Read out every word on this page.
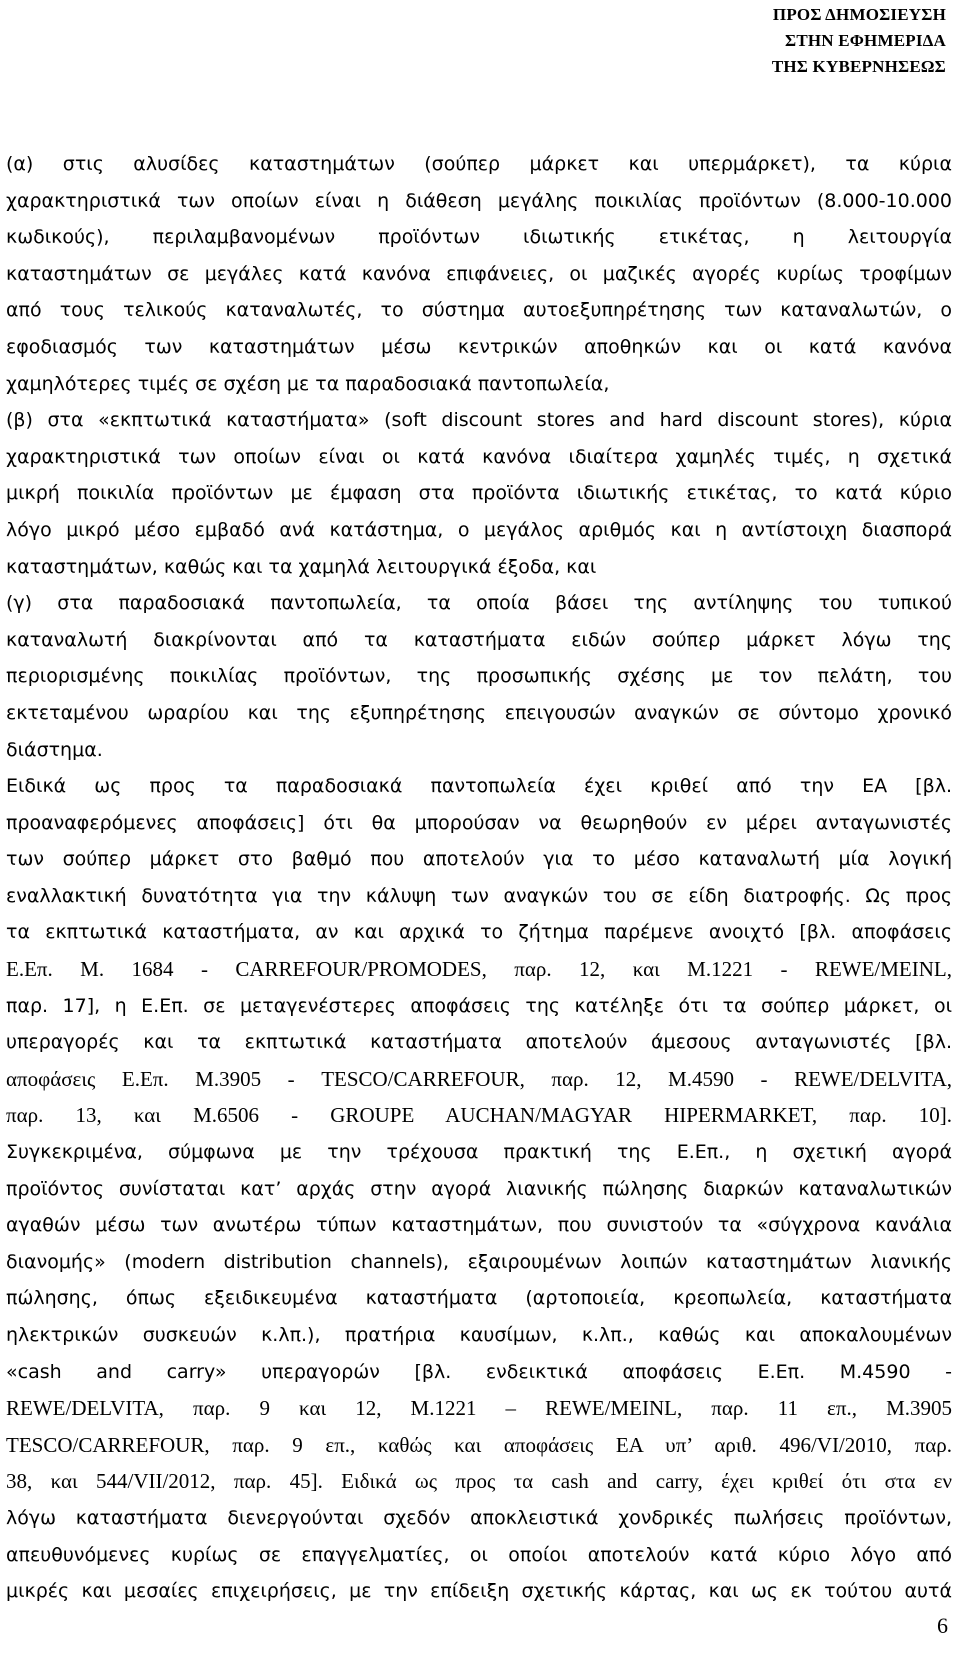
ΠΡΟΣ ΔΗΜΟΣΙΕΥΣΗ
ΣΤΗΝ ΕΦΗΜΕΡΙΔΑ
ΤΗΣ ΚΥΒΕΡΝΗΣΕΩΣ
(α) στις αλυσίδες καταστημάτων (σούπερ μάρκετ και υπερμάρκετ), τα κύρια
χαρακτηριστικά των οποίων είναι η διάθεση μεγάλης ποικιλίας προϊόντων (8.000-10.000
κωδικούς), περιλαμβανομένων προϊόντων ιδιωτικής ετικέτας, η λειτουργία
καταστημάτων σε μεγάλες κατά κανόνα επιφάνειες, οι μαζικές αγορές κυρίως τροφίμων
από τους τελικούς καταναλωτές, το σύστημα αυτοεξυπηρέτησης των καταναλωτών, ο
εφοδιασμός των καταστημάτων μέσω κεντρικών αποθηκών και οι κατά κανόνα
χαμηλότερες τιμές σε σχέση με τα παραδοσιακά παντοπωλεία,
(β) στα «εκπτωτικά καταστήματα» (soft discount stores and hard discount stores), κύρια
χαρακτηριστικά των οποίων είναι οι κατά κανόνα ιδιαίτερα χαμηλές τιμές, η σχετικά
μικρή ποικιλία προϊόντων με έμφαση στα προϊόντα ιδιωτικής ετικέτας, το κατά κύριο
λόγο μικρό μέσο εμβαδό ανά κατάστημα, ο μεγάλος αριθμός και η αντίστοιχη διασπορά
καταστημάτων, καθώς και τα χαμηλά λειτουργικά έξοδα, και
(γ) στα παραδοσιακά παντοπωλεία, τα οποία βάσει της αντίληψης του τυπικού
καταναλωτή διακρίνονται από τα καταστήματα ειδών σούπερ μάρκετ λόγω της
περιορισμένης ποικιλίας προϊόντων, της προσωπικής σχέσης με τον πελάτη, του
εκτεταμένου ωραρίου και της εξυπηρέτησης επειγουσών αναγκών σε σύντομο χρονικό
διάστημα.
Ειδικά ως προς τα παραδοσιακά παντοπωλεία έχει κριθεί από την ΕΑ [βλ.
προαναφερόμενες αποφάσεις] ότι θα μπορούσαν να θεωρηθούν εν μέρει ανταγωνιστές
των σούπερ μάρκετ στο βαθμό που αποτελούν για το μέσο καταναλωτή μία λογική
εναλλακτική δυνατότητα για την κάλυψη των αναγκών του σε είδη διατροφής. Ως προς
τα εκπτωτικά καταστήματα, αν και αρχικά το ζήτημα παρέμενε ανοιχτό [βλ. αποφάσεις
Ε.Επ. Μ. 1684 - CARREFOUR/PROMODES, παρ. 12, και Μ.1221 - REWE/MEINL,
παρ. 17], η Ε.Επ. σε μεταγενέστερες αποφάσεις της κατέληξε ότι τα σούπερ μάρκετ, οι
υπεραγορές και τα εκπτωτικά καταστήματα αποτελούν άμεσους ανταγωνιστές [βλ.
αποφάσεις Ε.Επ. Μ.3905 - TESCO/CARREFOUR, παρ. 12, Μ.4590 - REWE/DELVITA,
παρ. 13, και Μ.6506 - GROUPE AUCHAN/MAGYAR HIPERMARKET, παρ. 10].
Συγκεκριμένα, σύμφωνα με την τρέχουσα πρακτική της Ε.Επ., η σχετική αγορά
προϊόντος συνίσταται κατ’ αρχάς στην αγορά λιανικής πώλησης διαρκών καταναλωτικών
αγαθών μέσω των ανωτέρω τύπων καταστημάτων, που συνιστούν τα «σύγχρονα κανάλια
διανομής» (modern distribution channels), εξαιρουμένων λοιπών καταστημάτων λιανικής
πώλησης, όπως εξειδικευμένα καταστήματα (αρτοποιεία, κρεοπωλεία, καταστήματα
ηλεκτρικών συσκευών κ.λπ.), πρατήρια καυσίμων, κ.λπ., καθώς και αποκαλουμένων
«cash and carry» υπεραγορών [βλ. ενδεικτικά αποφάσεις Ε.Επ. Μ.4590 -
REWE/DELVITA, παρ. 9 και 12, Μ.1221 – REWE/MEINL, παρ. 11 επ., Μ.3905
TESCO/CARREFOUR, παρ. 9 επ., καθώς και αποφάσεις ΕΑ υπ’ αριθ. 496/VI/2010, παρ.
38, και 544/VII/2012, παρ. 45]. Ειδικά ως προς τα cash and carry, έχει κριθεί ότι στα εν
λόγω καταστήματα διενεργούνται σχεδόν αποκλειστικά χονδρικές πωλήσεις προϊόντων,
απευθυνόμενες κυρίως σε επαγγελματίες, οι οποίοι αποτελούν κατά κύριο λόγο από
μικρές και μεσαίες επιχειρήσεις, με την επίδειξη σχετικής κάρτας, και ως εκ τούτου αυτά
6
